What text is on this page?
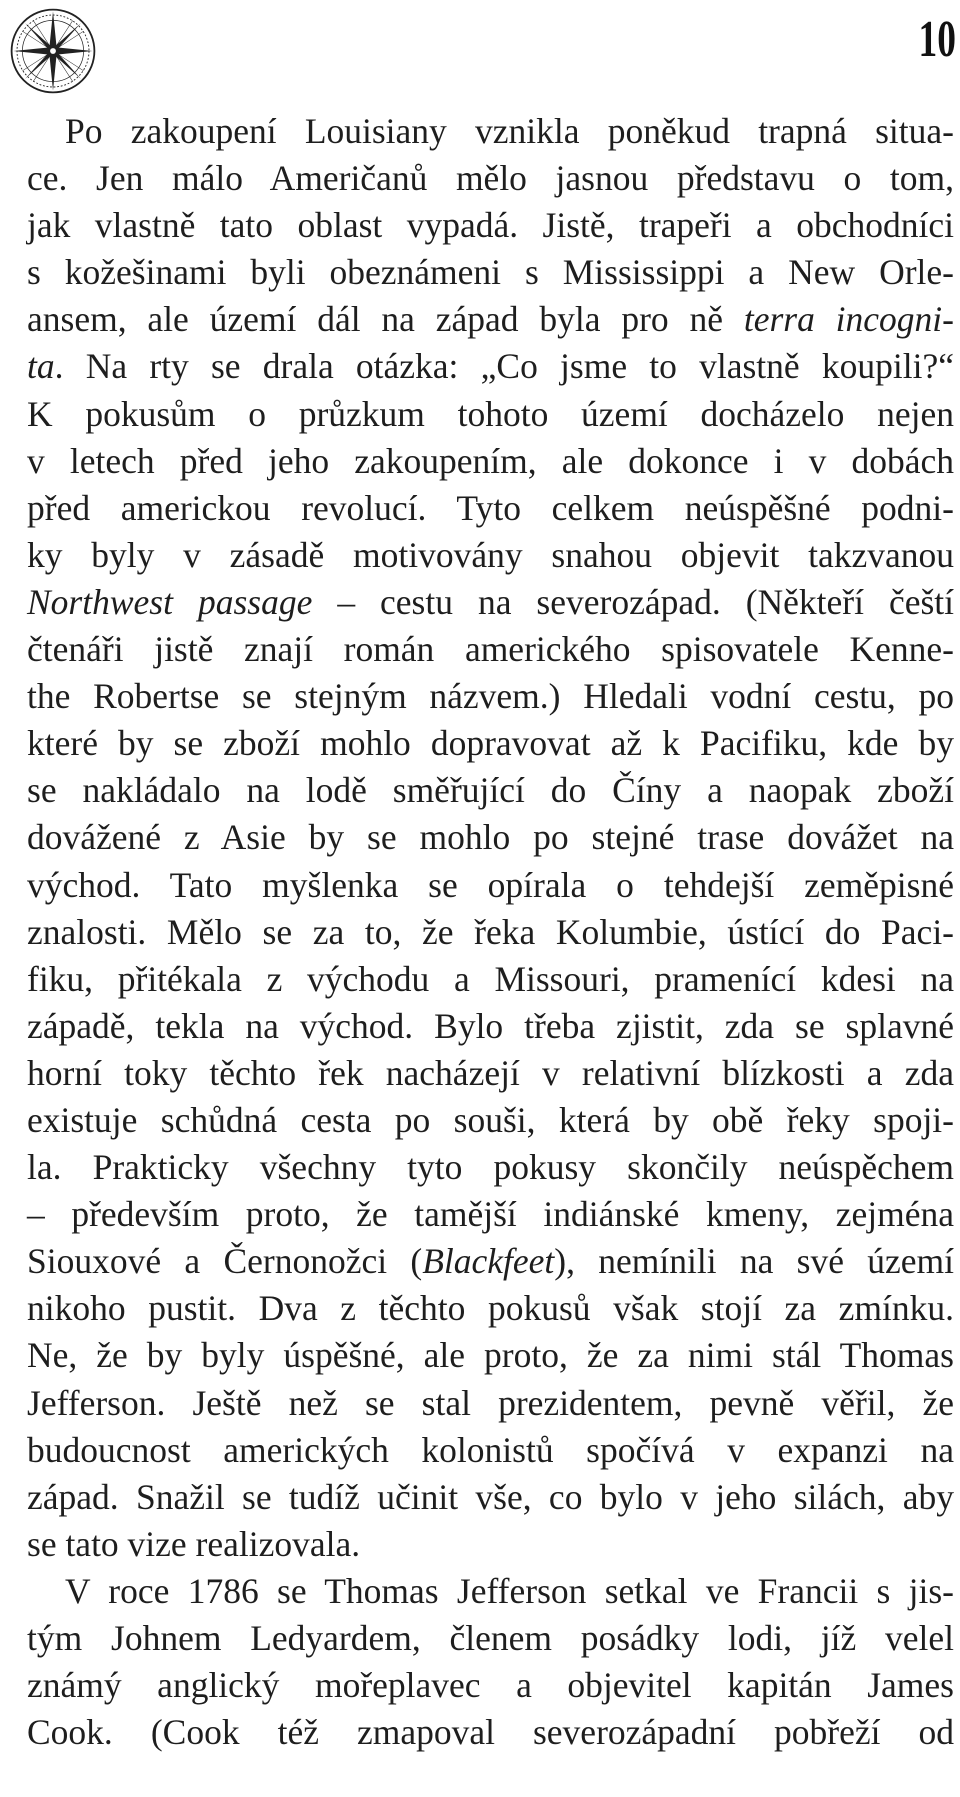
10
Po zakoupení Louisiany vznikla poněkud trapná situa-
ce. Jen málo Američanů mělo jasnou představu o tom,
jak vlastně tato oblast vypadá. Jistě, trapeři a obchodníci
s kožešinami byli obeznámeni s Mississippi a New Orle-
ansem, ale území dál na západ byla pro ně terra incogni-
ta. Na rty se drala otázka: „Co jsme to vlastně koupili?“
K pokusům o průzkum tohoto území docházelo nejen
v letech před jeho zakoupením, ale dokonce i v dobách
před americkou revolucí. Tyto celkem neúspěšné podni-
ky byly v zásadě motivovány snahou objevit takzvanou
Northwest passage – cestu na severozápad. (Někteří čeští
čtenáři jistě znají román amerického spisovatele Kenne-
the Robertse se stejným názvem.) Hledali vodní cestu, po
které by se zboží mohlo dopravovat až k Pacifiku, kde by
se nakládalo na lodě směřující do Číny a naopak zboží
dovážené z Asie by se mohlo po stejné trase dovážet na
východ. Tato myšlenka se opírala o tehdejší zeměpisné
znalosti. Mělo se za to, že řeka Kolumbie, ústící do Paci-
fiku, přitékala z východu a Missouri, pramenící kdesi na
západě, tekla na východ. Bylo třeba zjistit, zda se splavné
horní toky těchto řek nacházejí v relativní blízkosti a zda
existuje schůdná cesta po souši, která by obě řeky spoji-
la. Prakticky všechny tyto pokusy skončily neúspěchem
– především proto, že tamější indiánské kmeny, zejména
Siouxové a Černonožci (Blackfeet), nemínili na své území
nikoho pustit. Dva z těchto pokusů však stojí za zmínku.
Ne, že by byly úspěšné, ale proto, že za nimi stál Thomas
Jefferson. Ještě než se stal prezidentem, pevně věřil, že
budoucnost amerických kolonistů spočívá v expanzi na
západ. Snažil se tudíž učinit vše, co bylo v jeho silách, aby
se tato vize realizovala.
V roce 1786 se Thomas Jefferson setkal ve Francii s jis-
tým Johnem Ledyardem, členem posádky lodi, jíž velel
známý anglický mořeplavec a objevitel kapitán James
Cook. (Cook též zmapoval severozápadní pobřeží od
